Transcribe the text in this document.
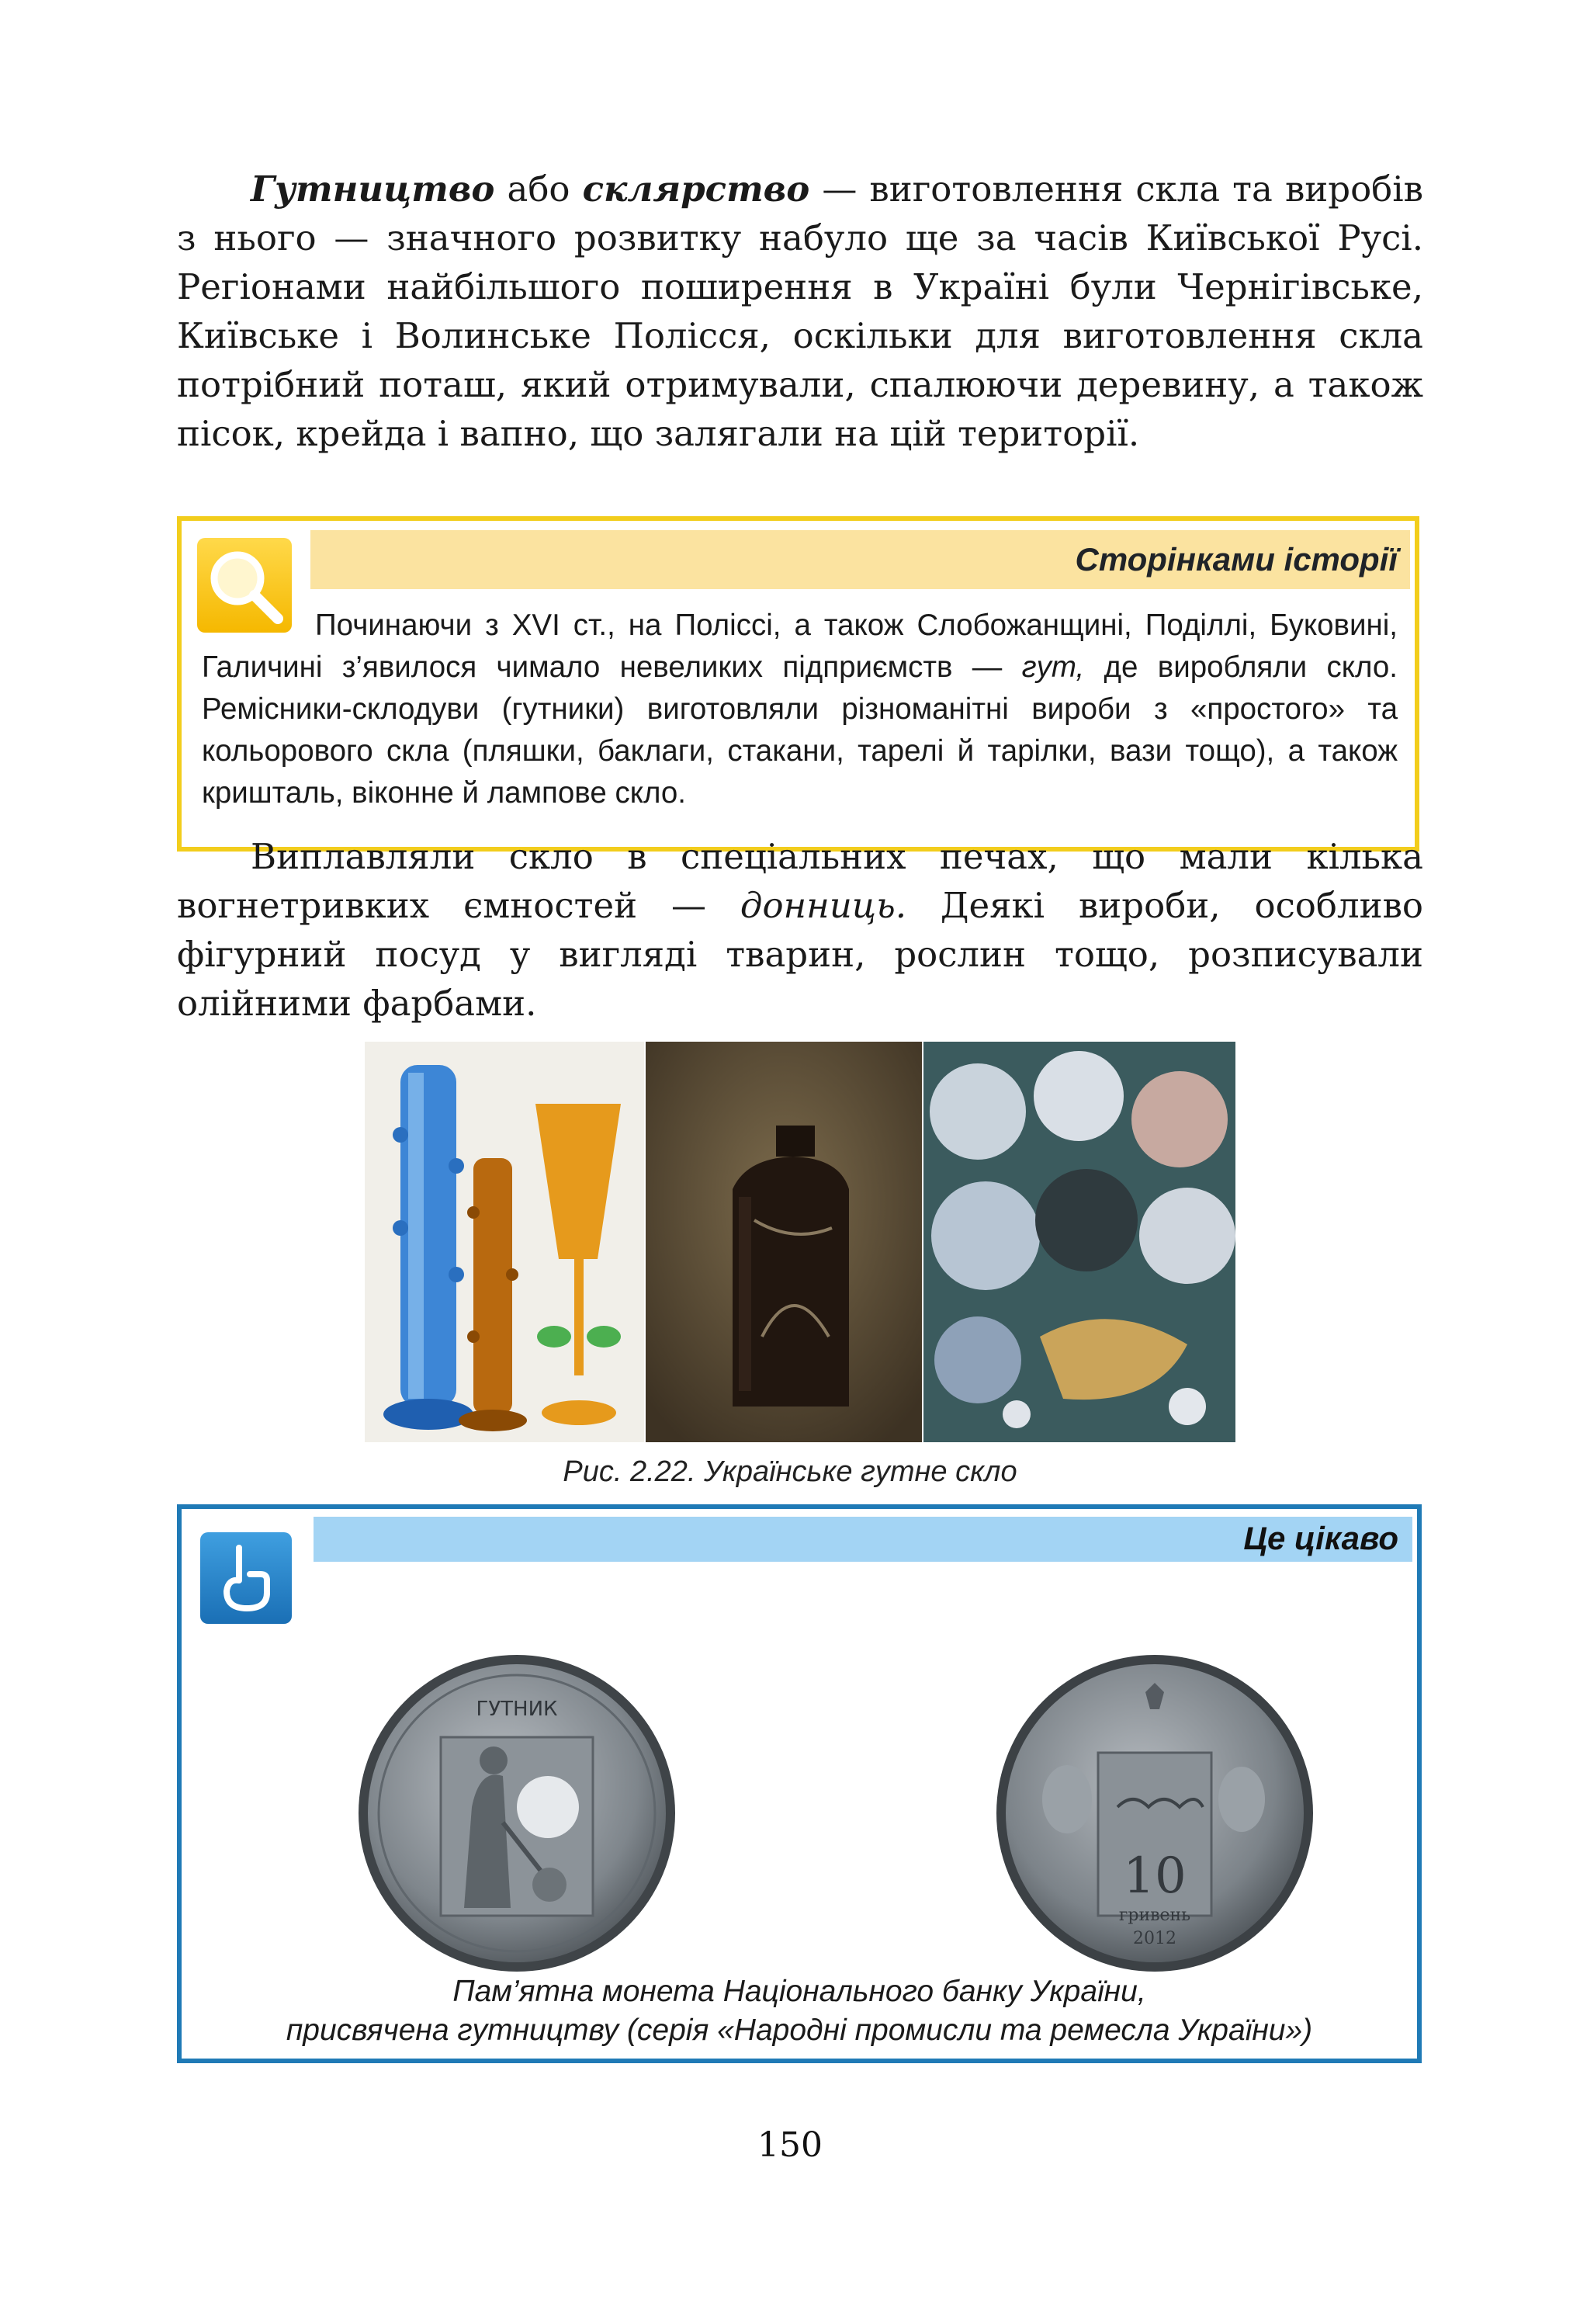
Гутництво або склярство — виготовлення скла та виробів з нього — значного розвитку набуло ще за часів Київської Русі. Регіонами найбільшого поширення в Україні були Чернігівське, Київське і Волинське Полісся, оскільки для виготовлення скла потрібний поташ, який отримували, спалюючи деревину, а також пісок, крейда і вапно, що залягали на цій території.

Сторінками історії
Починаючи з XVI ст., на Поліссі, а також Слобожанщині, Поділлі, Буковині, Галичині з’явилося чимало невеликих підприємств — гут, де виробляли скло. Ремісники-склодуви (гутники) виготовляли різноманітні вироби з «простого» та кольорового скла (пляшки, баклаги, стакани, тарелі й тарілки, вази тощо), а також кришталь, віконне й лампове скло.

Виплавляли скло в спеціальних печах, що мали кілька вогнетривких ємностей — донниць. Деякі вироби, особливо фігурний посуд у вигляді тварин, рослин тощо, розписували олійними фарбами.

Рис. 2.22. Українське гутне скло
Це цікаво
ГУТНИК
10
гривень
2012
Пам’ятна монета Національного банку України,
присвячена гутництву (серія «Народні промисли та ремесла України»)
150
